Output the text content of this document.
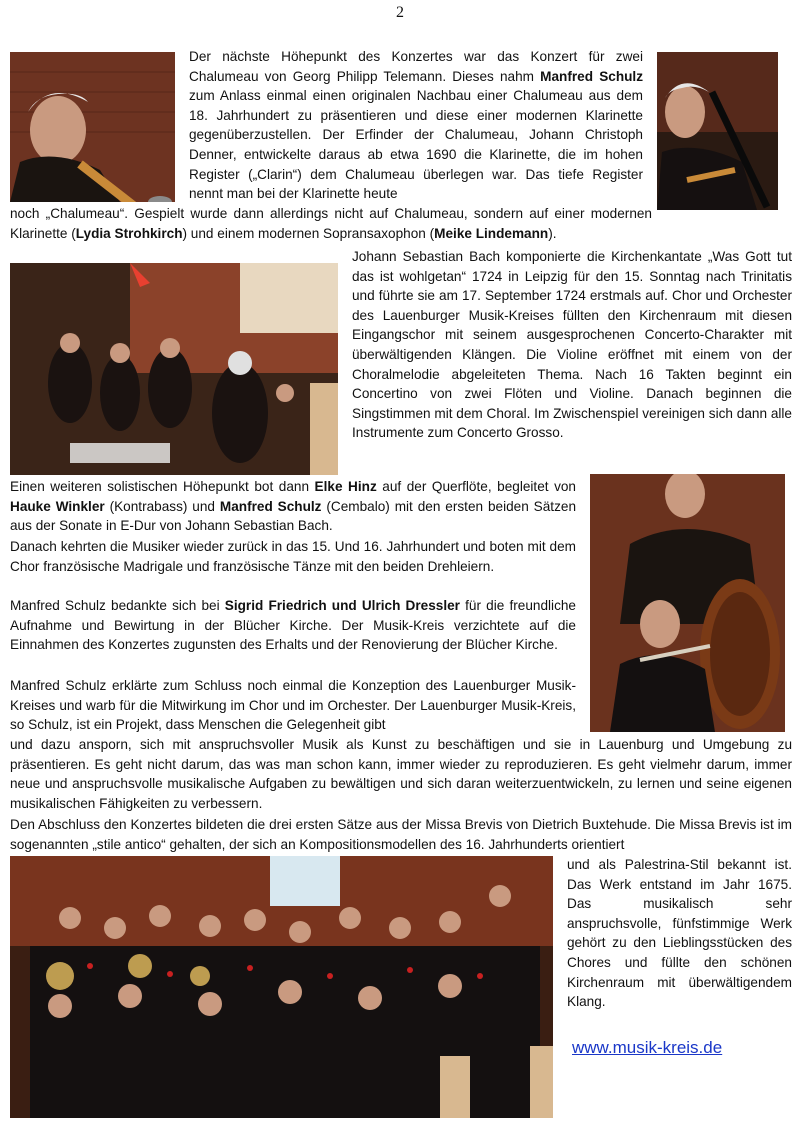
2
Der nächste Höhepunkt des Konzertes war das Konzert für zwei Chalumeau von Georg Philipp Telemann. Dieses nahm Manfred Schulz zum Anlass einmal einen originalen Nachbau einer Chalumeau aus dem 18. Jahrhundert zu präsentieren und diese einer modernen Klarinette gegenüberzustellen. Der Erfinder der Chalumeau, Johann Christoph Denner, entwickelte daraus ab etwa 1690 die Klarinette, die im hohen Register („Clarin“) dem Chalumeau überlegen war. Das tiefe Register nennt man bei der Klarinette heute
noch „Chalumeau“. Gespielt wurde dann allerdings nicht auf Chalumeau, sondern auf einer modernen Klarinette (Lydia Strohkirch) und einem modernen Sopransaxophon (Meike Lindemann).
Johann Sebastian Bach komponierte die Kirchenkantate „Was Gott tut das ist wohlgetan“ 1724 in Leipzig für den 15. Sonntag nach Trinitatis und führte sie am 17. September 1724 erstmals auf. Chor und Orchester des Lauenburger Musik-Kreises füllten den Kirchenraum mit diesen Eingangschor mit seinem ausgesprochenen Concerto-Charakter mit überwältigenden Klängen. Die Violine eröffnet mit einem von der Choralmelodie abgeleiteten Thema. Nach 16 Takten beginnt ein Concertino von zwei Flöten und Violine. Danach beginnen die Singstimmen mit dem Choral. Im Zwischenspiel vereinigen sich dann alle Instrumente zum Concerto Grosso.
Einen weiteren solistischen Höhepunkt bot dann Elke Hinz auf der Querflöte, begleitet von Hauke Winkler (Kontrabass) und Manfred Schulz (Cembalo) mit den ersten beiden Sätzen aus der Sonate in E-Dur von Johann Sebastian Bach.
Danach kehrten die Musiker wieder zurück in das 15. Und 16. Jahrhundert und boten mit dem Chor französische Madrigale und französische Tänze mit den beiden Drehleiern.
Manfred Schulz bedankte sich bei Sigrid Friedrich und Ulrich Dressler für die freundliche Aufnahme und Bewirtung in der Blücher Kirche. Der Musik-Kreis verzichtete auf die Einnahmen des Konzertes zugunsten des Erhalts und der Renovierung der Blücher Kirche.
Manfred Schulz erklärte zum Schluss noch einmal die Konzeption des Lauenburger Musik-Kreises und warb für die Mitwirkung im Chor und im Orchester. Der Lauenburger Musik-Kreis, so Schulz, ist ein Projekt, dass Menschen die Gelegenheit gibt
und dazu ansporn, sich mit anspruchsvoller Musik als Kunst zu beschäftigen und sie in Lauenburg und Umgebung zu präsentieren. Es geht nicht darum, das was man schon kann, immer wieder zu reproduzieren. Es geht vielmehr darum, immer neue und anspruchsvolle musikalische Aufgaben zu bewältigen und sich daran weiterzuentwickeln, zu lernen und seine eigenen musikalischen Fähigkeiten zu verbessern.
Den Abschluss den Konzertes bildeten die drei ersten Sätze aus der Missa Brevis von Dietrich Buxtehude. Die Missa Brevis ist im sogenannten „stile antico“ gehalten, der sich an Kompositionsmodellen des 16. Jahrhunderts orientiert
und als Palestrina-Stil bekannt ist. Das Werk entstand im Jahr 1675. Das musikalisch sehr anspruchsvolle, fünfstimmige Werk gehört zu den Lieblingsstücken des Chores und füllte den schönen Kirchenraum mit überwältigendem Klang.
www.musik-kreis.de
